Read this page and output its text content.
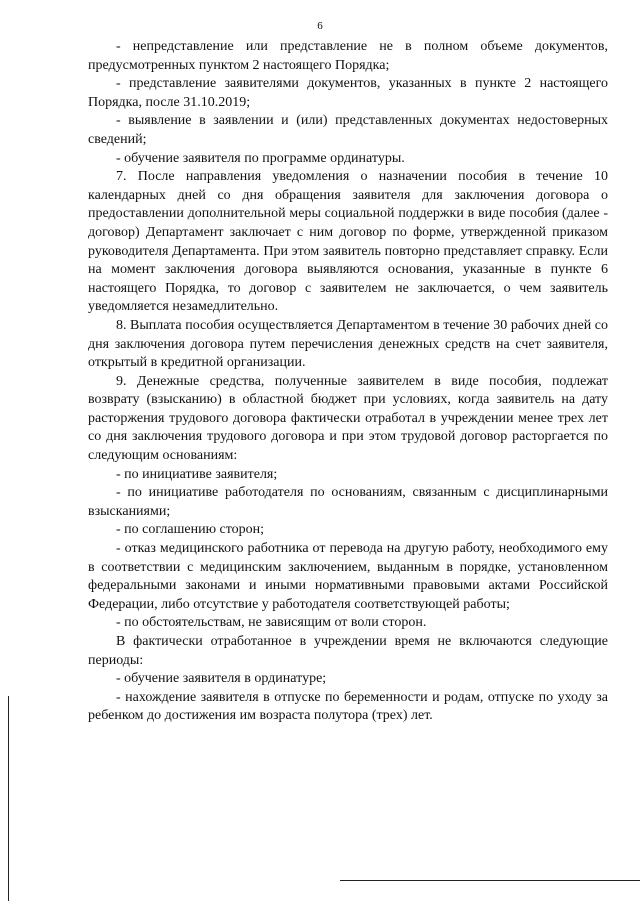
6

- непредставление или представление не в полном объеме документов, предусмотренных пунктом 2 настоящего Порядка;

- представление заявителями документов, указанных в пункте 2 настоящего Порядка, после 31.10.2019;

- выявление в заявлении и (или) представленных документах недостоверных сведений;

- обучение заявителя по программе ординатуры.

7. После направления уведомления о назначении пособия в течение 10 календарных дней со дня обращения заявителя для заключения договора о предоставлении дополнительной меры социальной поддержки в виде пособия (далее - договор) Департамент заключает с ним договор по форме, утвержденной приказом руководителя Департамента. При этом заявитель повторно представляет справку. Если на момент заключения договора выявляются основания, указанные в пункте 6 настоящего Порядка, то договор с заявителем не заключается, о чем заявитель уведомляется незамедлительно.

8. Выплата пособия осуществляется Департаментом в течение 30 рабочих дней со дня заключения договора путем перечисления денежных средств на счет заявителя, открытый в кредитной организации.

9. Денежные средства, полученные заявителем в виде пособия, подлежат возврату (взысканию) в областной бюджет при условиях, когда заявитель на дату расторжения трудового договора фактически отработал в учреждении менее трех лет со дня заключения трудового договора и при этом трудовой договор расторгается по следующим основаниям:

- по инициативе заявителя;

- по инициативе работодателя по основаниям, связанным с дисциплинарными взысканиями;

- по соглашению сторон;

- отказ медицинского работника от перевода на другую работу, необходимого ему в соответствии с медицинским заключением, выданным в порядке, установленном федеральными законами и иными нормативными правовыми актами Российской Федерации, либо отсутствие у работодателя соответствующей работы;

- по обстоятельствам, не зависящим от воли сторон.

В фактически отработанное в учреждении время не включаются следующие периоды:

- обучение заявителя в ординатуре;

- нахождение заявителя в отпуске по беременности и родам, отпуске по уходу за ребенком до достижения им возраста полутора (трех) лет.
